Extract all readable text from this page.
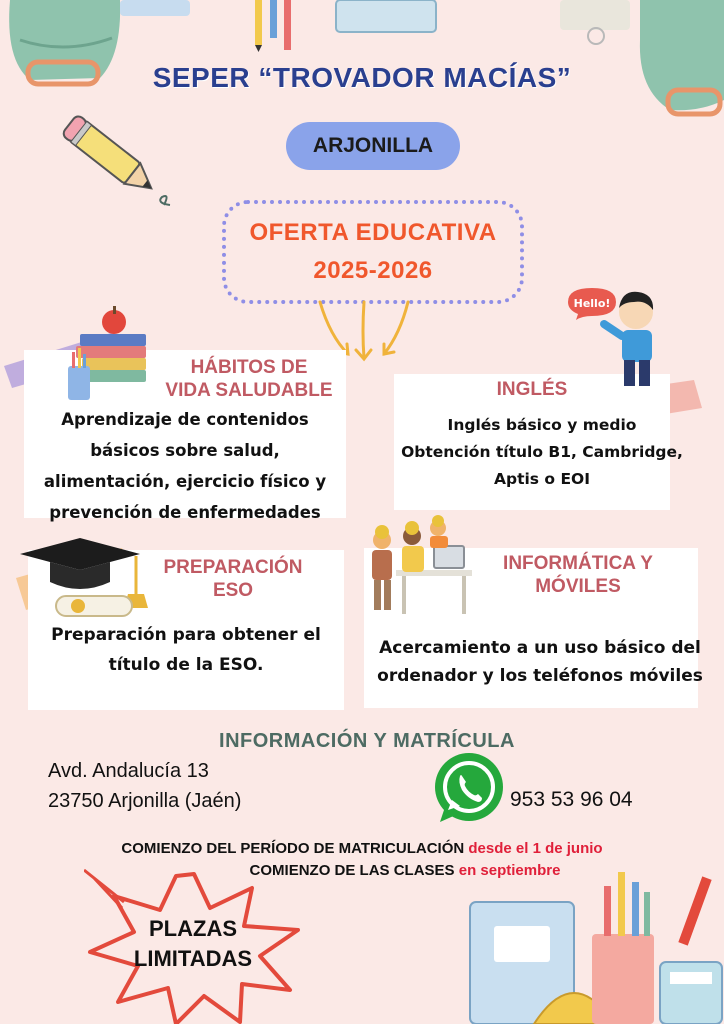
SEPER “TROVADOR MACÍAS”
ARJONILLA
OFERTA EDUCATIVA
2025-2026
HÁBITOS DE
VIDA SALUDABLE
Aprendizaje de contenidos
básicos sobre salud,
alimentación, ejercicio físico y
prevención de enfermedades
INGLÉS
Inglés básico y medio
Obtención título B1, Cambridge,
Aptis o EOI
Hello!
PREPARACIÓN
ESO
Preparación para obtener el
título de la ESO.
INFORMÁTICA Y
MÓVILES
Acercamiento a un uso básico del
ordenador y los teléfonos móviles
INFORMACIÓN Y MATRÍCULA
Avd. Andalucía 13
23750 Arjonilla (Jaén)	953 53 96 04
COMIENZO DEL PERÍODO DE MATRICULACIÓN desde el 1 de junio
COMIENZO DE LAS CLASES en septiembre
PLAZAS
LIMITADAS
